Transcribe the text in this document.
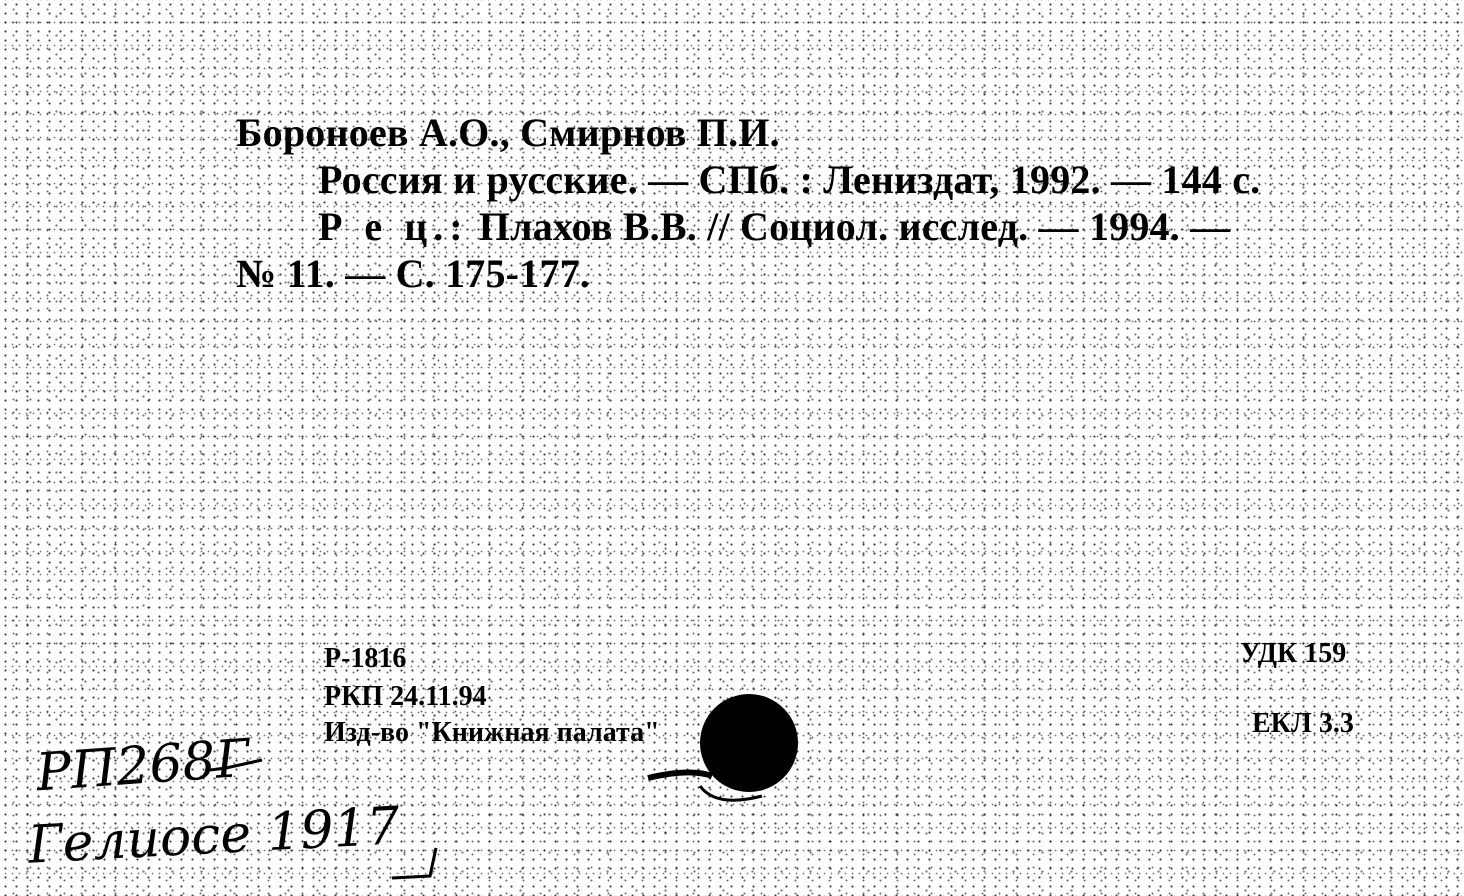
Бороноев А.О., Смирнов П.И.
Россия и русские. — СПб. : Лениздат, 1992. — 144 с.
Р е ц.: Плахов В.В. // Социол. исслед. — 1994. —
№ 11. — С. 175-177.
Р-1816
РКП 24.11.94
Изд-во "Книжная палата"
УДК 159
ЕКЛ 3.3
РП268Г
Гелиосе 1917
